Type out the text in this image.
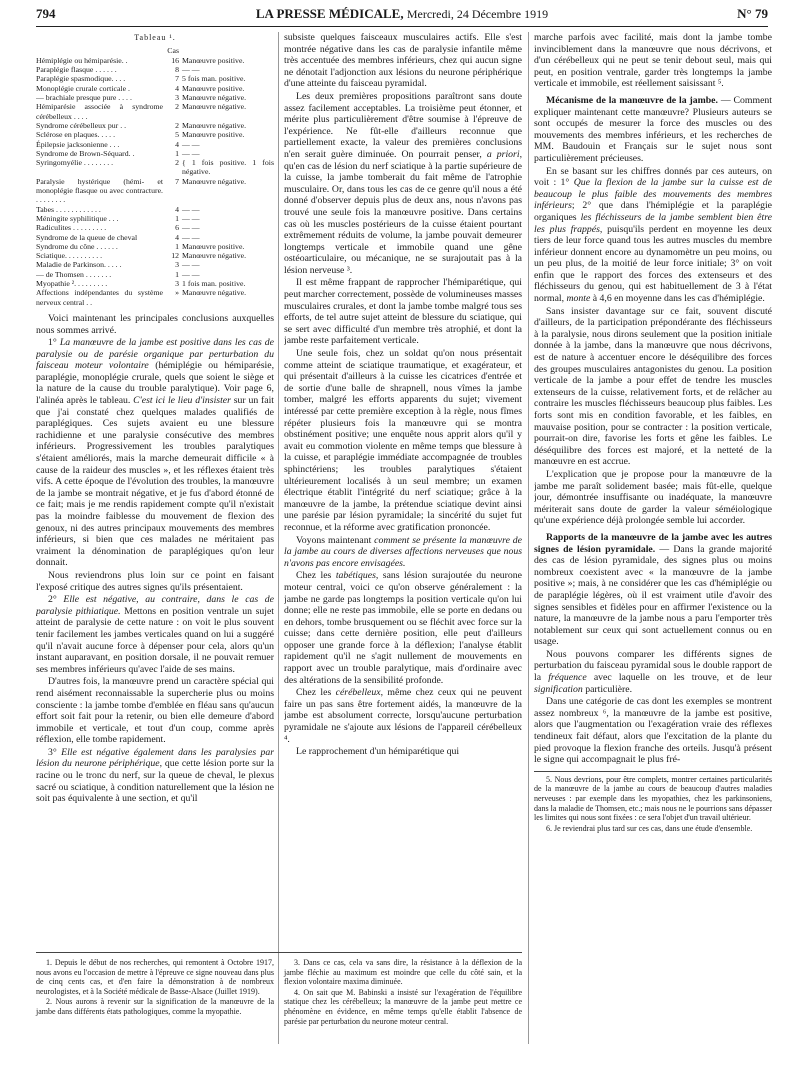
794	LA PRESSE MÉDICALE, Mercredi, 24 Décembre 1919	N° 79
Tableau ¹.
	Cas	
Hémiplégie ou hémiparésie. .	16	Manœuvre positive.
Paraplégie flasque . . . . . .	8	— —
Paraplégie spasmodique. . . .	7	5 fois man. positive.
Monoplégie crurale corticale .	4	Manœuvre positive.
— brachiale presque pure . . . .	3	Manœuvre négative.
Hémiparésie associée à syndrome cérébelleux . . . .	2	Manœuvre négative.
Syndrome cérébelleux pur . .	2	Manœuvre négative.
Sclérose en plaques. . . . .	5	Manœuvre positive.
Épilepsie jacksonienne . . .	4	— —
Syndrome de Brown-Séquard. .	1	— —
Syringomyélie . . . . . . . .	2	{ 1 fois positive. 1 fois négative.
Paralysie hystérique (hémi- et monoplégie flasque ou avec contracture. . . . . . . . .	7	Manœuvre négative.
Tabes . . . . . . . . . . . .	4	— —
Méningite syphilitique . . .	1	— —
Radiculites . . . . . . . . .	6	— —
Syndrome de la queue de cheval	4	— —
Syndrome du cône . . . . . .	1	Manœuvre positive.
Sciatique. . . . . . . . . .	12	Manœuvre négative.
Maladie de Parkinson. . . . .	3	— —
— de Thomsen . . . . . . .	1	— —
Myopathie ². . . . . . . . .	3	1 fois man. positive.
Affections indépendantes du système nerveux central . .	»	Manœuvre négative.

Voici maintenant les principales conclusions auxquelles nous sommes arrivé.

1° La manœuvre de la jambe est positive dans les cas de paralysie ou de parésie organique par perturbation du faisceau moteur volontaire (hémiplégie ou hémiparésie, paraplégie, monoplégie crurale, quels que soient le siège et la nature de la cause du trouble paralytique). Voir page 6, l'alinéa après le tableau. C'est ici le lieu d'insister sur un fait que j'ai constaté chez quelques malades qualifiés de paraplégiques. Ces sujets avaient eu une blessure rachidienne et une paralysie consécutive des membres inférieurs. Progressivement les troubles paralytiques s'étaient améliorés, mais la marche demeurait difficile « à cause de la raideur des muscles », et les réflexes étaient très vifs. A cette époque de l'évolution des troubles, la manœuvre de la jambe se montrait négative, et je fus d'abord étonné de ce fait; mais je me rendis rapidement compte qu'il n'existait pas la moindre faiblesse du mouvement de flexion des genoux, ni des autres principaux mouvements des membres inférieurs, si bien que ces malades ne méritaient pas vraiment la dénomination de paraplégiques qu'on leur donnait.

Nous reviendrons plus loin sur ce point en faisant l'exposé critique des autres signes qu'ils présentaient.

2° Elle est négative, au contraire, dans le cas de paralysie pithiatique. Mettons en position ventrale un sujet atteint de paralysie de cette nature : on voit le plus souvent tenir facilement les jambes verticales quand on lui a suggéré qu'il n'avait aucune force à dépenser pour cela, alors qu'un instant auparavant, en position dorsale, il ne pouvait remuer ses membres inférieurs qu'avec l'aide de ses mains.

D'autres fois, la manœuvre prend un caractère spécial qui rend aisément reconnaissable la supercherie plus ou moins consciente : la jambe tombe d'emblée en fléau sans qu'aucun effort soit fait pour la retenir, ou bien elle demeure d'abord immobile et verticale, et tout d'un coup, comme après réflexion, elle tombe rapidement.

3° Elle est négative également dans les paralysies par lésion du neurone périphérique, que cette lésion porte sur la racine ou le tronc du nerf, sur la queue de cheval, le plexus sacré ou sciatique, à condition naturellement que la lésion ne soit pas équivalente à une section, et qu'il

subsiste quelques faisceaux musculaires actifs. Elle s'est montrée négative dans les cas de paralysie infantile même très accentuée des membres inférieurs, chez qui aucun signe ne dénotait l'adjonction aux lésions du neurone périphérique d'une atteinte du faisceau pyramidal.

Les deux premières propositions paraîtront sans doute assez facilement acceptables. La troisième peut étonner, et mérite plus particulièrement d'être soumise à l'épreuve de l'expérience. Ne fût-elle d'ailleurs reconnue que partiellement exacte, la valeur des premières conclusions n'en serait guère diminuée. On pourrait penser, a priori, qu'en cas de lésion du nerf sciatique à la partie supérieure de la cuisse, la jambe tomberait du fait même de l'atrophie musculaire. Or, dans tous les cas de ce genre qu'il nous a été donné d'observer depuis plus de deux ans, nous n'avons pas trouvé une seule fois la manœuvre positive. Dans certains cas où les muscles postérieurs de la cuisse étaient pourtant extrêmement réduits de volume, la jambe pouvait demeurer longtemps verticale et immobile quand une gêne ostéoarticulaire, ou mécanique, ne se surajoutait pas à la lésion nerveuse ³.

Il est même frappant de rapprocher l'hémiparétique, qui peut marcher correctement, possède de volumineuses masses musculaires crurales, et dont la jambe tombe malgré tous ses efforts, de tel autre sujet atteint de blessure du sciatique, qui se sert avec difficulté d'un membre très atrophié, et dont la jambe reste parfaitement verticale.

Une seule fois, chez un soldat qu'on nous présentait comme atteint de sciatique traumatique, et exagérateur, et qui présentait d'ailleurs à la cuisse les cicatrices d'entrée et de sortie d'une balle de shrapnell, nous vîmes la jambe tomber, malgré les efforts apparents du sujet; vivement intéressé par cette première exception à la règle, nous fîmes répéter plusieurs fois la manœuvre qui se montra obstinément positive; une enquête nous apprit alors qu'il y avait eu commotion violente en même temps que blessure à la cuisse, et paraplégie immédiate accompagnée de troubles sphinctériens; les troubles paralytiques s'étaient ultérieurement localisés à un seul membre; un examen électrique établit l'intégrité du nerf sciatique; grâce à la manœuvre de la jambe, la prétendue sciatique devint ainsi une parésie par lésion pyramidale; la sincérité du sujet fut reconnue, et la réforme avec gratification prononcée.

Voyons maintenant comment se présente la manœuvre de la jambe au cours de diverses affections nerveuses que nous n'avons pas encore envisagées.

Chez les tabétiques, sans lésion surajoutée du neurone moteur central, voici ce qu'on observe généralement : la jambe ne garde pas longtemps la position verticale qu'on lui donne; elle ne reste pas immobile, elle se porte en dedans ou en dehors, tombe brusquement ou se fléchit avec force sur la cuisse; dans cette dernière position, elle peut d'ailleurs opposer une grande force à la déflexion; l'analyse établit rapidement qu'il ne s'agit nullement de mouvements en rapport avec un trouble paralytique, mais d'ordinaire avec des altérations de la sensibilité profonde.

Chez les cérébelleux, même chez ceux qui ne peuvent faire un pas sans être fortement aidés, la manœuvre de la jambe est absolument correcte, lorsqu'aucune perturbation pyramidale ne s'ajoute aux lésions de l'appareil cérébelleux ⁴.

Le rapprochement d'un hémiparétique qui

marche parfois avec facilité, mais dont la jambe tombe invinciblement dans la manœuvre que nous décrivons, et d'un cérébelleux qui ne peut se tenir debout seul, mais qui peut, en position ventrale, garder très longtemps la jambe verticale et immobile, est réellement saisissant ⁵.

Mécanisme de la manœuvre de la jambe. — Comment expliquer maintenant cette manœuvre? Plusieurs auteurs se sont occupés de mesurer la force des muscles ou des mouvements des membres inférieurs, et les recherches de MM. Baudouin et Français sur le sujet nous sont particulièrement précieuses.

En se basant sur les chiffres donnés par ces auteurs, on voit : 1° Que la flexion de la jambe sur la cuisse est de beaucoup le plus faible des mouvements des membres inférieurs; 2° que dans l'hémiplégie et la paraplégie organiques les fléchisseurs de la jambe semblent bien être les plus frappés, puisqu'ils perdent en moyenne les deux tiers de leur force quand tous les autres muscles du membre inférieur donnent encore au dynamomètre un peu moins, ou un peu plus, de la moitié de leur force initiale; 3° on voit enfin que le rapport des forces des extenseurs et des fléchisseurs du genou, qui est habituellement de 3 à l'état normal, monte à 4,6 en moyenne dans les cas d'hémiplégie.

Sans insister davantage sur ce fait, souvent discuté d'ailleurs, de la participation prépondérante des fléchisseurs à la paralysie, nous dirons seulement que la position initiale donnée à la jambe, dans la manœuvre que nous décrivons, est de nature à accentuer encore le déséquilibre des forces des groupes musculaires antagonistes du genou. La position verticale de la jambe a pour effet de tendre les muscles extenseurs de la cuisse, relativement forts, et de relâcher au contraire les muscles fléchisseurs beaucoup plus faibles. Les forts sont mis en condition favorable, et les faibles, en mauvaise position, pour se contracter : la position verticale, pourrait-on dire, favorise les forts et gêne les faibles. Le déséquilibre des forces est majoré, et la netteté de la manœuvre en est accrue.

L'explication que je propose pour la manœuvre de la jambe me paraît solidement basée; mais fût-elle, quelque jour, démontrée insuffisante ou inadéquate, la manœuvre mériterait sans doute de garder la valeur séméiologique qu'une expérience déjà prolongée semble lui accorder.

Rapports de la manœuvre de la jambe avec les autres signes de lésion pyramidale. — Dans la grande majorité des cas de lésion pyramidale, des signes plus ou moins nombreux coexistent avec « la manœuvre de la jambe positive »; mais, à ne considérer que les cas d'hémiplégie ou de paraplégie légères, où il est vraiment utile d'avoir des signes sensibles et fidèles pour en affirmer l'existence ou la nature, la manœuvre de la jambe nous a paru l'emporter très notablement sur ceux qui sont actuellement connus ou en usage.

Nous pouvons comparer les différents signes de perturbation du faisceau pyramidal sous le double rapport de la fréquence avec laquelle on les trouve, et de leur signification particulière.

Dans une catégorie de cas dont les exemples se montrent assez nombreux ⁶, la manœuvre de la jambe est positive, alors que l'augmentation ou l'exagération vraie des réflexes tendineux fait défaut, alors que l'excitation de la plante du pied provoque la flexion franche des orteils. Jusqu'à présent le signe qui accompagnait le plus fré-

5. Nous devrions, pour être complets, montrer certaines particularités de la manœuvre de la jambe au cours de beaucoup d'autres maladies nerveuses : par exemple dans les myopathies, chez les parkinsoniens, dans la maladie de Thomsen, etc.; mais nous ne le pourrions sans dépasser les limites qui nous sont fixées : ce sera l'objet d'un travail ultérieur.

6. Je reviendrai plus tard sur ces cas, dans une étude d'ensemble.

1. Depuis le début de nos recherches, qui remontent à Octobre 1917, nous avons eu l'occasion de mettre à l'épreuve ce signe nouveau dans plus de cinq cents cas, et d'en faire la démonstration à de nombreux neurologistes, et à la Société médicale de Basse-Alsace (Juillet 1919).

2. Nous aurons à revenir sur la signification de la manœuvre de la jambe dans différents états pathologiques, comme la myopathie.

3. Dans ce cas, cela va sans dire, la résistance à la déflexion de la jambe fléchie au maximum est moindre que celle du côté sain, et la flexion volontaire maxima diminuée.

4. On sait que M. Babinski a insisté sur l'exagération de l'équilibre statique chez les cérébelleux; la manœuvre de la jambe peut mettre ce phénomène en évidence, en même temps qu'elle établit l'absence de parésie par perturbation du neurone moteur central.
